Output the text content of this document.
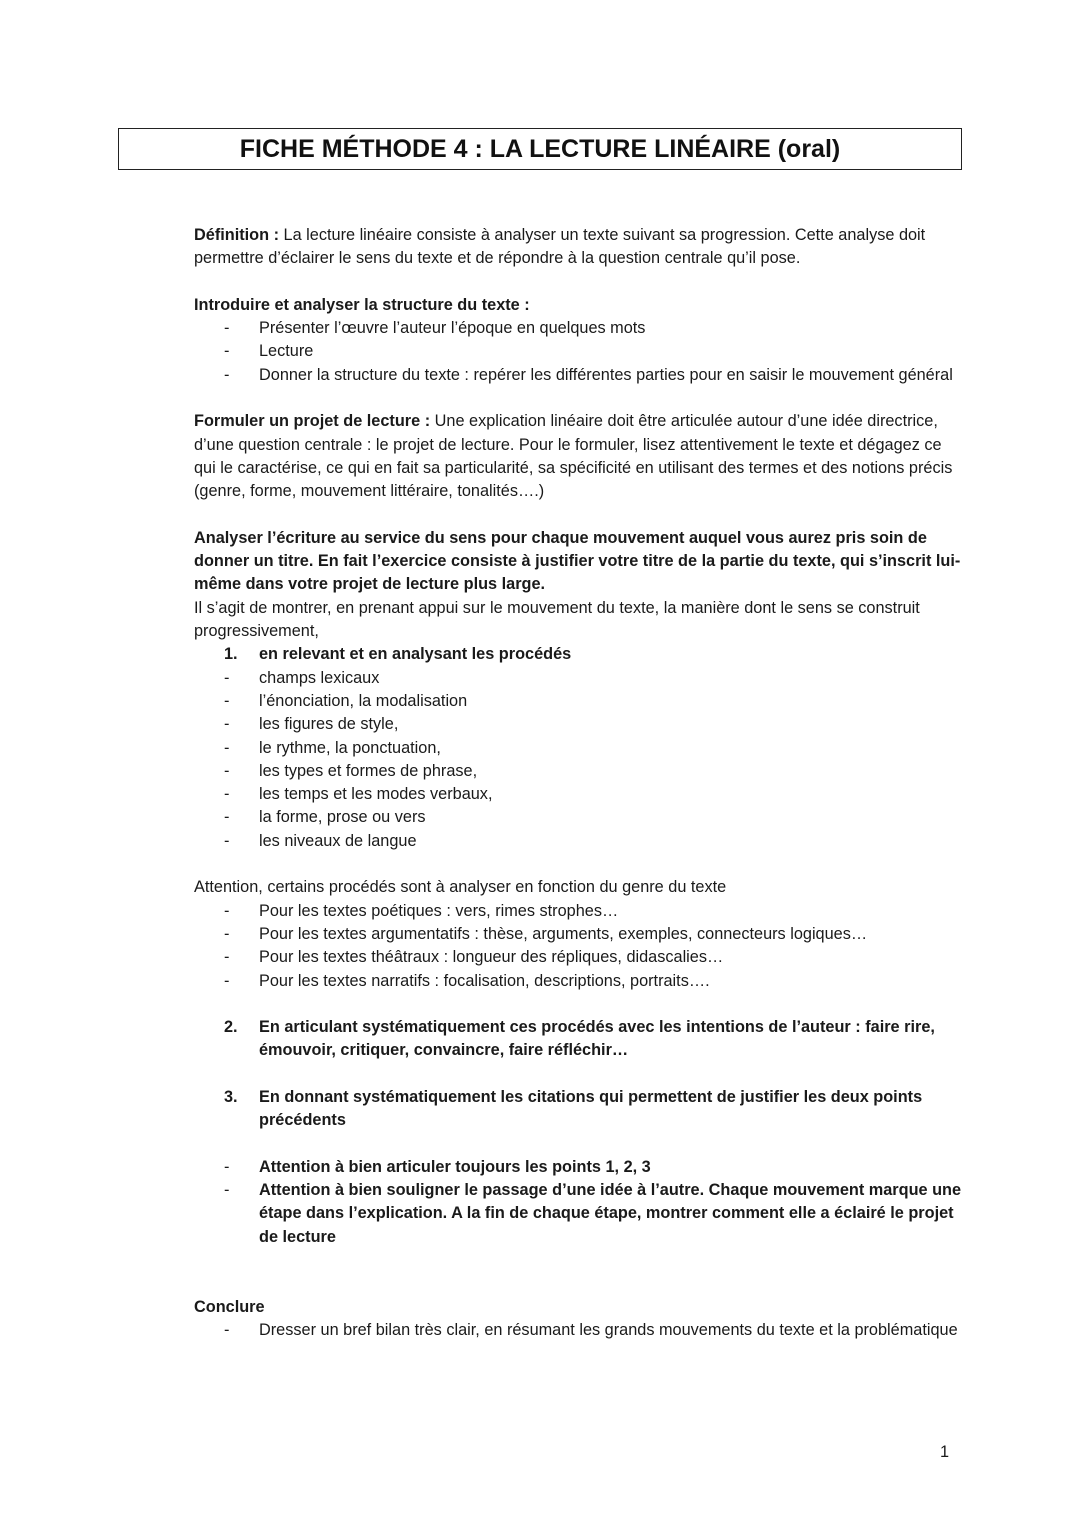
FICHE MÉTHODE 4 : LA LECTURE LINÉAIRE (oral)
Définition : La lecture linéaire consiste à analyser un texte suivant sa progression. Cette analyse doit permettre d’éclairer le sens du texte et de répondre à la question centrale qu’il pose.
Introduire et analyser la structure du texte :
-	Présenter l’œuvre l’auteur l’époque en quelques mots
-	Lecture
-	Donner la structure du texte : repérer les différentes parties pour en saisir le mouvement général
Formuler un projet de lecture : Une explication linéaire doit être articulée autour d’une idée directrice, d’une question centrale : le projet de lecture. Pour le formuler, lisez attentivement le texte et dégagez ce qui le caractérise, ce qui en fait sa particularité, sa spécificité en utilisant des termes et des notions précis (genre, forme, mouvement littéraire, tonalités….)
Analyser l’écriture au service du sens pour chaque mouvement auquel vous aurez pris soin de donner un titre. En fait l’exercice consiste à justifier votre titre de la partie du texte, qui s’inscrit lui-même dans votre projet de lecture plus large.
Il s’agit de montrer, en prenant appui sur le mouvement du texte, la manière dont le sens se construit progressivement,
1.	en relevant et en analysant les procédés
-	champs lexicaux
-	l’énonciation, la modalisation
-	les figures de style,
-	le rythme, la ponctuation,
-	les types et formes de phrase,
-	les temps et les modes verbaux,
-	la forme, prose ou vers
-	les niveaux de langue
Attention, certains procédés sont à analyser en fonction du genre du texte
-	Pour les textes poétiques : vers, rimes strophes…
-	Pour les textes argumentatifs : thèse, arguments, exemples, connecteurs logiques…
-	Pour les textes théâtraux : longueur des répliques, didascalies…
-	Pour les textes narratifs : focalisation, descriptions, portraits….
2.	En articulant systématiquement ces procédés avec les intentions de l’auteur : faire rire, émouvoir, critiquer, convaincre, faire réfléchir…
3.	En donnant systématiquement les citations qui permettent de justifier les deux points précédents
-	Attention à bien articuler toujours les points 1, 2, 3
-	Attention à bien souligner le passage d’une idée à l’autre. Chaque mouvement marque une étape dans l’explication. A la fin de chaque étape, montrer comment elle a éclairé le projet de lecture
Conclure
-	Dresser un bref bilan très clair, en résumant les grands mouvements du texte et la problématique
1
